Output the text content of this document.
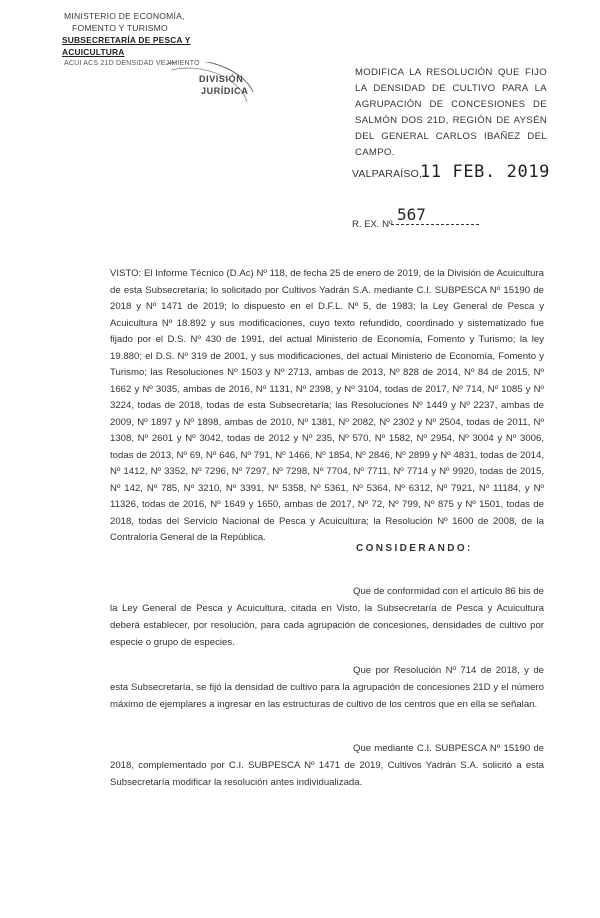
MINISTERIO DE ECONOMÍA,
FOMENTO Y TURISMO
SUBSECRETARÍA DE PESCA Y ACUICULTURA
ACUI ACS 21D DENSIDAD VEJIMIENTO
DIVISIÓN
JURÍDICA
MODIFICA LA RESOLUCIÓN QUE FIJO LA DENSIDAD DE CULTIVO PARA LA AGRUPACIÓN DE CONCESIONES DE SALMÓN DOS 21D, REGIÓN DE AYSÉN DEL GENERAL CARLOS IBAÑEZ DEL CAMPO.
VALPARAÍSO,
11 FEB. 2019
R. EX. Nº
567
VISTO: El Informe Técnico (D.Ac) Nº 118, de fecha 25 de enero de 2019, de la División de Acuicultura de esta Subsecretaría; lo solicitado por Cultivos Yadrán S.A. mediante C.I. SUBPESCA Nº 15190 de 2018 y Nº 1471 de 2019; lo dispuesto en el D.F.L. Nº 5, de 1983; la Ley General de Pesca y Acuicultura Nº 18.892 y sus modificaciones, cuyo texto refundido, coordinado y sistematizado fue fijado por el D.S. Nº 430 de 1991, del actual Ministerio de Economía, Fomento y Turismo; la ley 19.880; el D.S. Nº 319 de 2001, y sus modificaciones, del actual Ministerio de Economía, Fomento y Turismo; las Resoluciones Nº 1503 y Nº 2713, ambas de 2013, Nº 828 de 2014, Nº 84 de 2015, Nº 1662 y Nº 3035, ambas de 2016, Nº 1131, Nº 2398, y Nº 3104, todas de 2017, Nº 714, Nº 1085 y Nº 3224, todas de 2018, todas de esta Subsecretaría; las Resoluciones Nº 1449 y Nº 2237, ambas de 2009, Nº 1897 y Nº 1898, ambas de 2010, Nº 1381, Nº 2082, Nº 2302 y Nº 2504, todas de 2011, Nº 1308, Nº 2601 y Nº 3042, todas de 2012 y Nº 235, Nº 570, Nº 1582, Nº 2954, Nº 3004 y Nº 3006, todas de 2013, Nº 69, Nº 646, Nº 791, Nº 1466, Nº 1854, Nº 2846, Nº 2899 y Nº 4831, todas de 2014, Nº 1412, Nº 3352, Nº 7296, Nº 7297, Nº 7298, Nº 7704, Nº 7711, Nº 7714 y Nº 9920, todas de 2015, Nº 142, Nº 785, Nº 3210, Nº 3391, Nº 5358, Nº 5361, Nº 5364, Nº 6312, Nº 7921, Nº 11184, y Nº 11326, todas de 2016, Nº 1649 y 1650, ambas de 2017, Nº 72, Nº 799, Nº 875 y Nº 1501, todas de 2018, todas del Servicio Nacional de Pesca y Acuicultura; la Resolución Nº 1600 de 2008, de la Contraloría General de la República.
CONSIDERANDO:
Que de conformidad con el artículo 86 bis de la Ley General de Pesca y Acuicultura, citada en Visto, la Subsecretaría de Pesca y Acuicultura deberá establecer, por resolución, para cada agrupación de concesiones, densidades de cultivo por especie o grupo de especies.
Que por Resolución Nº 714 de 2018, y de esta Subsecretaría, se fijó la densidad de cultivo para la agrupación de concesiones 21D y el número máximo de ejemplares a ingresar en las estructuras de cultivo de los centros que en ella se señalan.
Que mediante C.I. SUBPESCA Nº 15190 de 2018, complementado por C.I. SUBPESCA Nº 1471 de 2019, Cultivos Yadrán S.A. solicitó a esta Subsecretaría modificar la resolución antes individualizada.
